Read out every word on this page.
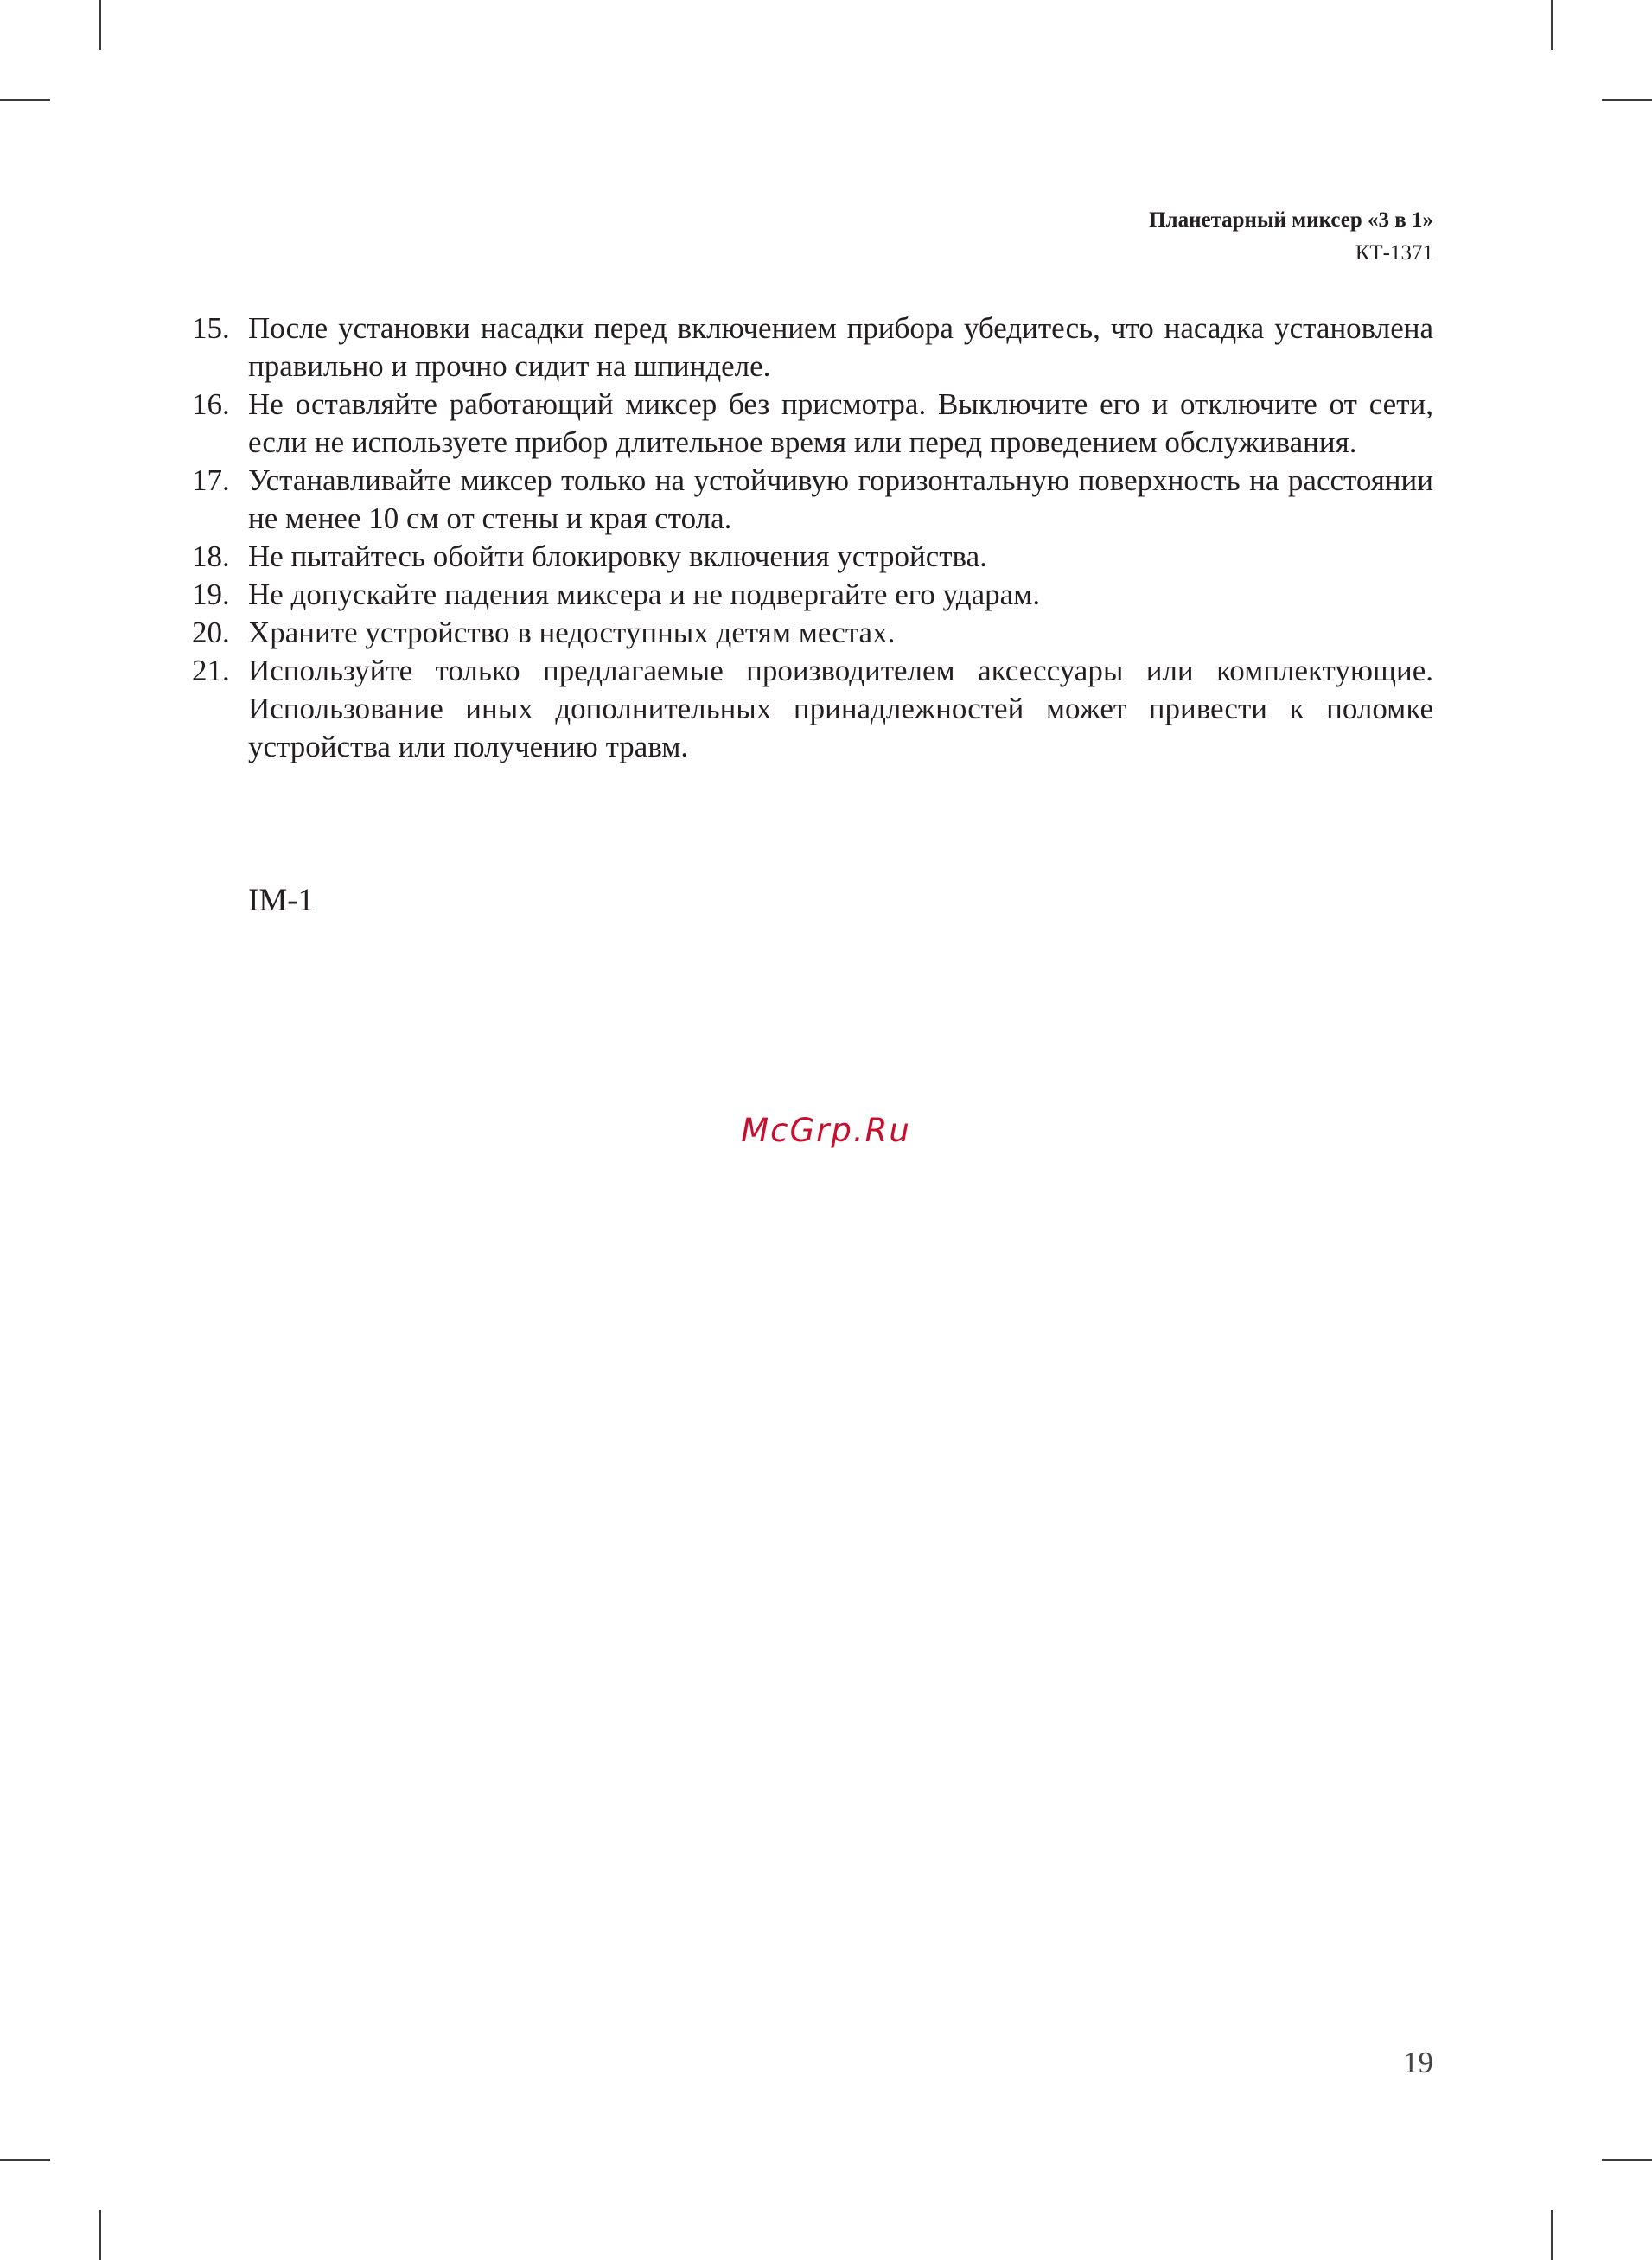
Планетарный миксер «3 в 1»
КТ-1371
15. После установки насадки перед включением прибора убедитесь, что насадка установлена правильно и прочно сидит на шпинделе.
16. Не оставляйте работающий миксер без присмотра. Выключите его и отключите от сети, если не используете прибор длительное время или перед проведением обслуживания.
17. Устанавливайте миксер только на устойчивую горизонтальную поверхность на расстоянии не менее 10 см от стены и края стола.
18. Не пытайтесь обойти блокировку включения устройства.
19. Не допускайте падения миксера и не подвергайте его ударам.
20. Храните устройство в недоступных детям местах.
21. Используйте только предлагаемые производителем аксессуары или комплектующие. Использование иных дополнительных принадлежностей может привести к поломке устройства или получению травм.
IM-1
McGrp.Ru
19
